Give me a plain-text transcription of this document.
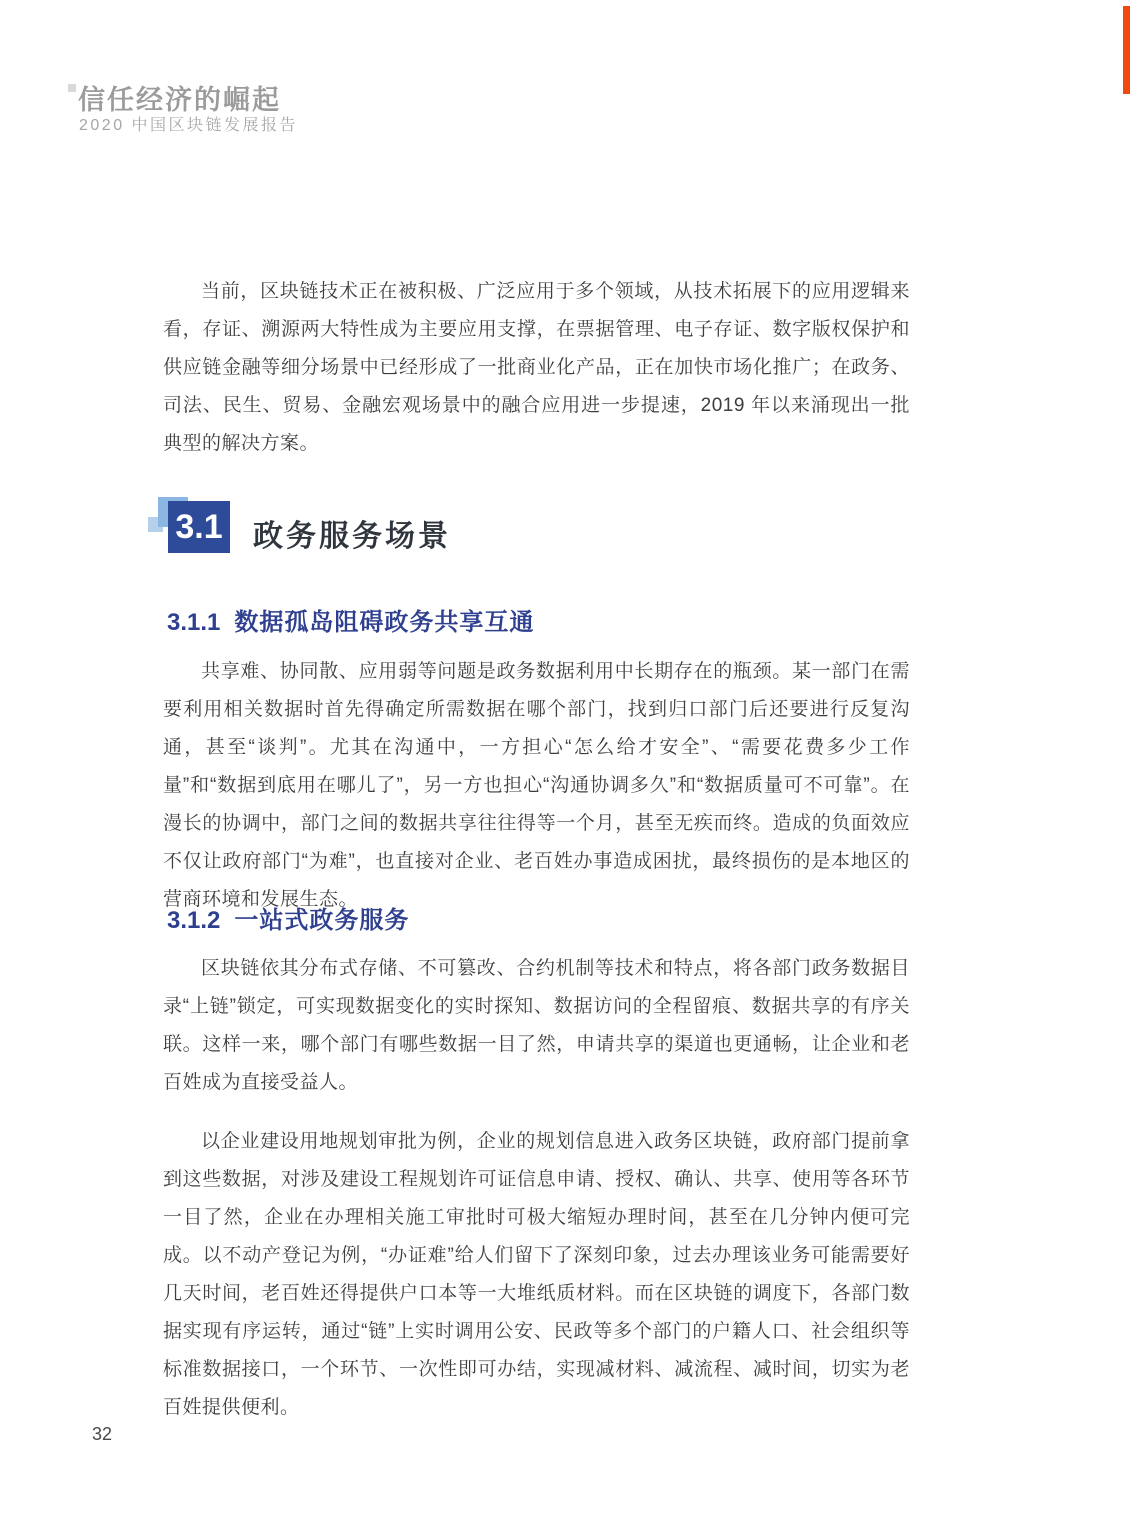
信任经济的崛起
2020 中国区块链发展报告

当前，区块链技术正在被积极、广泛应用于多个领域，从技术拓展下的应用逻辑来看，存证、溯源两大特性成为主要应用支撑，在票据管理、电子存证、数字版权保护和供应链金融等细分场景中已经形成了一批商业化产品，正在加快市场化推广；在政务、司法、民生、贸易、金融宏观场景中的融合应用进一步提速，2019 年以来涌现出一批典型的解决方案。

3.1 政务服务场景
3.1.1 数据孤岛阻碍政务共享互通

共享难、协同散、应用弱等问题是政务数据利用中长期存在的瓶颈。某一部门在需要利用相关数据时首先得确定所需数据在哪个部门，找到归口部门后还要进行反复沟通，甚至“谈判”。尤其在沟通中，一方担心“怎么给才安全”、“需要花费多少工作量”和“数据到底用在哪儿了”，另一方也担心“沟通协调多久”和“数据质量可不可靠”。在漫长的协调中，部门之间的数据共享往往得等一个月，甚至无疾而终。造成的负面效应不仅让政府部门“为难”，也直接对企业、老百姓办事造成困扰，最终损伤的是本地区的营商环境和发展生态。

3.1.2 一站式政务服务

区块链依其分布式存储、不可篡改、合约机制等技术和特点，将各部门政务数据目录“上链”锁定，可实现数据变化的实时探知、数据访问的全程留痕、数据共享的有序关联。这样一来，哪个部门有哪些数据一目了然，申请共享的渠道也更通畅，让企业和老百姓成为直接受益人。

以企业建设用地规划审批为例，企业的规划信息进入政务区块链，政府部门提前拿到这些数据，对涉及建设工程规划许可证信息申请、授权、确认、共享、使用等各环节一目了然，企业在办理相关施工审批时可极大缩短办理时间，甚至在几分钟内便可完成。以不动产登记为例，“办证难”给人们留下了深刻印象，过去办理该业务可能需要好几天时间，老百姓还得提供户口本等一大堆纸质材料。而在区块链的调度下，各部门数据实现有序运转，通过“链”上实时调用公安、民政等多个部门的户籍人口、社会组织等标准数据接口，一个环节、一次性即可办结，实现减材料、减流程、减时间，切实为老百姓提供便利。

32
